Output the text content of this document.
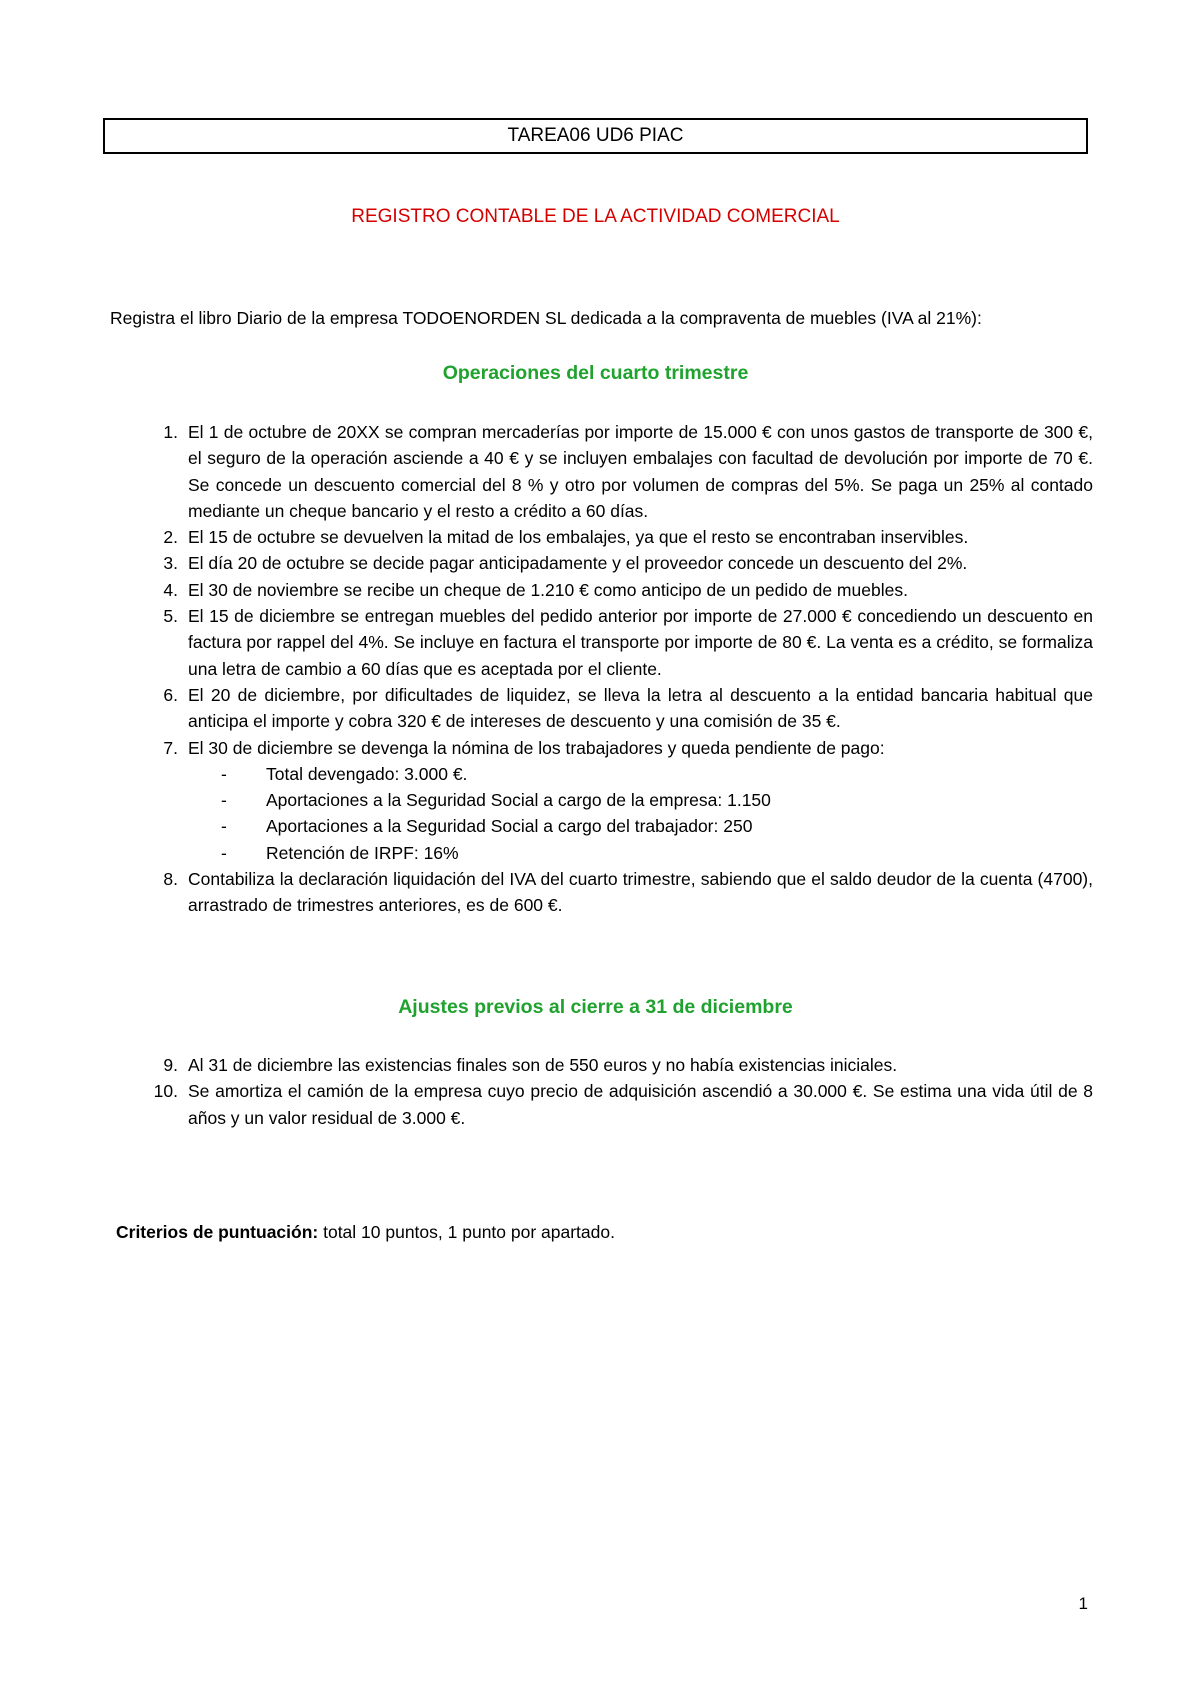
TAREA06 UD6 PIAC
REGISTRO CONTABLE DE LA ACTIVIDAD COMERCIAL
Registra el libro Diario de la empresa TODOENORDEN SL dedicada a la compraventa de muebles (IVA al 21%):
Operaciones del cuarto trimestre
1. El 1 de octubre de 20XX se compran mercaderías por importe de 15.000 € con unos gastos de transporte de 300 €, el seguro de la operación asciende a 40 € y se incluyen embalajes con facultad de devolución por importe de 70 €. Se concede un descuento comercial del 8 % y otro por volumen de compras del 5%. Se paga un 25% al contado mediante un cheque bancario y el resto a crédito a 60 días.
2. El 15 de octubre se devuelven la mitad de los embalajes, ya que el resto se encontraban inservibles.
3. El día 20 de octubre se decide pagar anticipadamente y el proveedor concede un descuento del 2%.
4. El 30 de noviembre se recibe un cheque de 1.210 € como anticipo de un pedido de muebles.
5. El 15 de diciembre se entregan muebles del pedido anterior por importe de 27.000 € concediendo un descuento en factura por rappel del 4%. Se incluye en factura el transporte por importe de 80 €. La venta es a crédito, se formaliza una letra de cambio a 60 días que es aceptada por el cliente.
6. El 20 de diciembre, por dificultades de liquidez, se lleva la letra al descuento a la entidad bancaria habitual que anticipa el importe y cobra 320 € de intereses de descuento y una comisión de 35 €.
7. El 30 de diciembre se devenga la nómina de los trabajadores y queda pendiente de pago:
- Total devengado: 3.000 €.
- Aportaciones a la Seguridad Social a cargo de la empresa: 1.150
- Aportaciones a la Seguridad Social a cargo del trabajador: 250
- Retención de IRPF: 16%
8. Contabiliza la declaración liquidación del IVA del cuarto trimestre, sabiendo que el saldo deudor de la cuenta (4700), arrastrado de trimestres anteriores, es de 600 €.
Ajustes previos al cierre a 31 de diciembre
9. Al 31 de diciembre las existencias finales son de 550 euros y no había existencias iniciales.
10. Se amortiza el camión de la empresa cuyo precio de adquisición ascendió a 30.000 €. Se estima una vida útil de 8 años y un valor residual de 3.000 €.
Criterios de puntuación: total 10 puntos, 1 punto por apartado.
1
